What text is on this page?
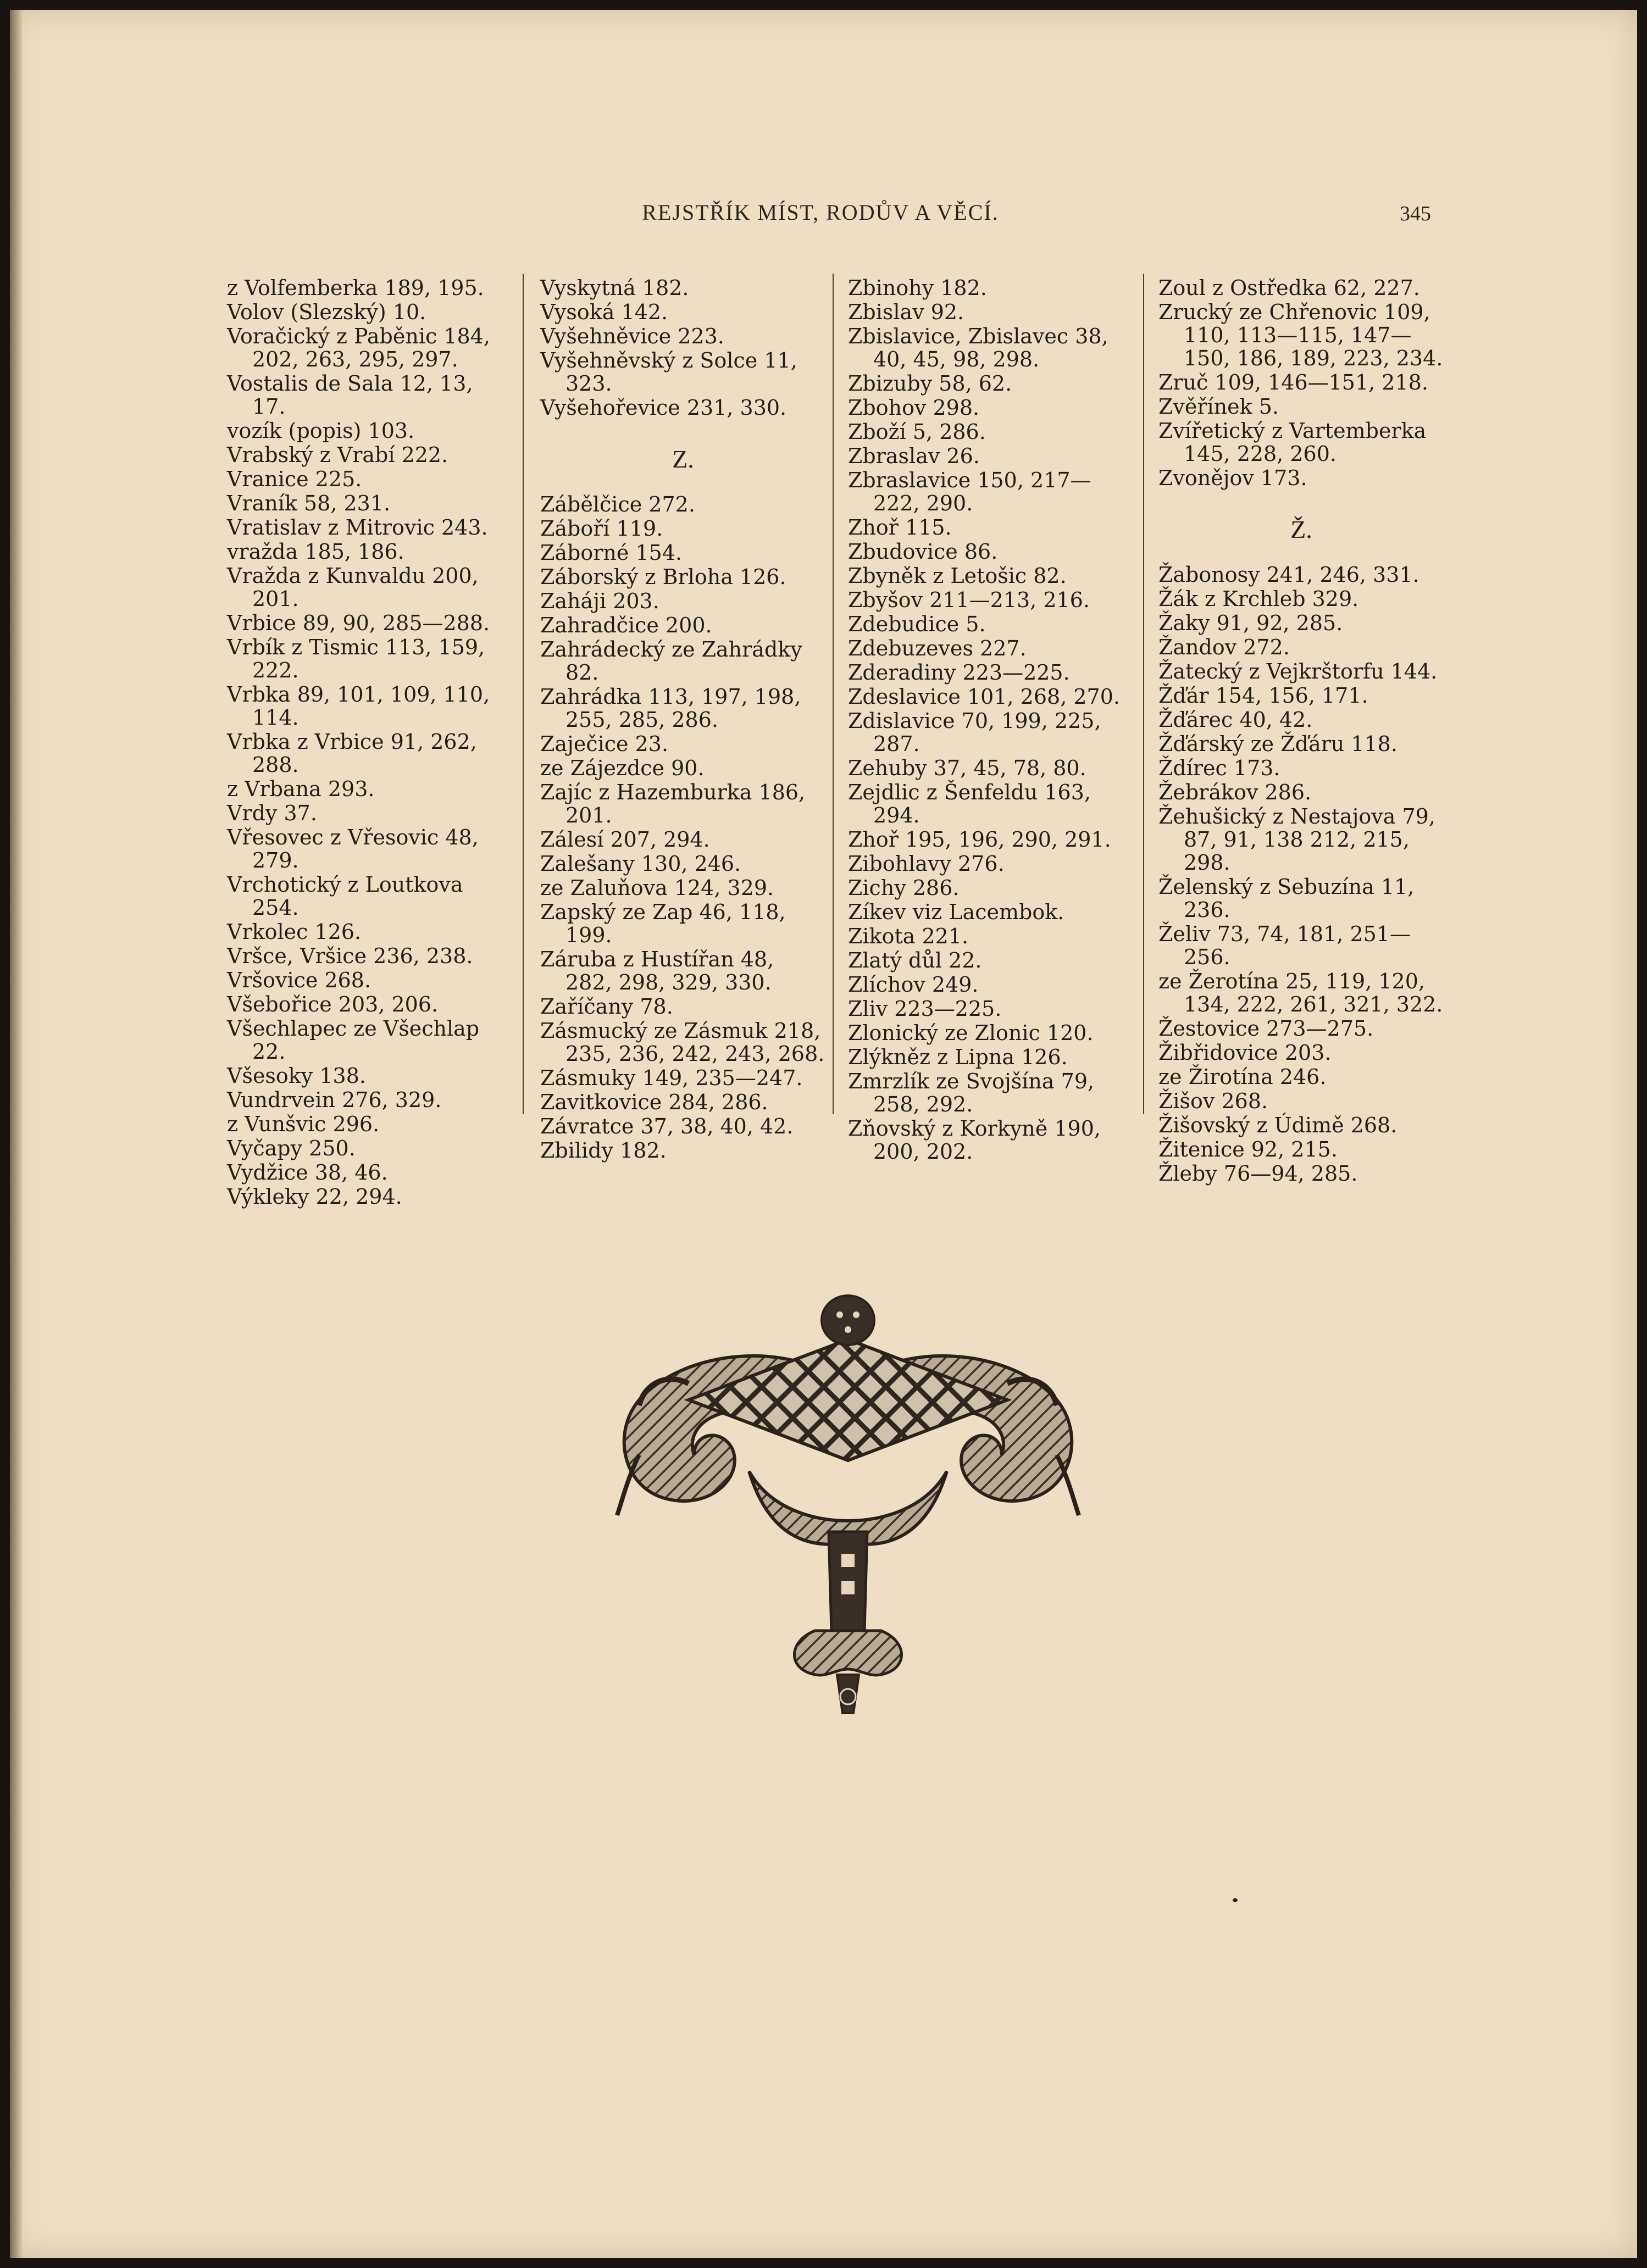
REJSTŘÍK MÍST, RODŮV A VĚCÍ.	345
z Volfemberka 189, 195.
Volov (Slezský) 10.
Voračický z Paběnic 184, 202, 263, 295, 297.
Vostalis de Sala 12, 13, 17.
vozík (popis) 103.
Vrabský z Vrabí 222.
Vranice 225.
Vraník 58, 231.
Vratislav z Mitrovic 243.
vražda 185, 186.
Vražda z Kunvaldu 200, 201.
Vrbice 89, 90, 285—288.
Vrbík z Tismic 113, 159, 222.
Vrbka 89, 101, 109, 110, 114.
Vrbka z Vrbice 91, 262, 288.
z Vrbana 293.
Vrdy 37.
Vřesovec z Vřesovic 48, 279.
Vrchotický z Loutkova 254.
Vrkolec 126.
Vršce, Vršice 236, 238.
Vršovice 268.
Všebořice 203, 206.
Všechlapec ze Všechlap 22.
Všesoky 138.
Vundrvein 276, 329.
z Vunšvic 296.
Vyčapy 250.
Vydžice 38, 46.
Výkleky 22, 294.
Vyskytná 182.
Vysoká 142.
Vyšehněvice 223.
Vyšehněvský z Solce 11, 323.
Vyšehořevice 231, 330.
Z.
Zábělčice 272.
Záboří 119.
Záborné 154.
Záborský z Brloha 126.
Zaháji 203.
Zahradčice 200.
Zahrádecký ze Zahrádky 82.
Zahrádka 113, 197, 198, 255, 285, 286.
Zaječice 23.
ze Zájezdce 90.
Zajíc z Hazemburka 186, 201.
Zálesí 207, 294.
Zalešany 130, 246.
ze Zaluňova 124, 329.
Zapský ze Zap 46, 118, 199.
Záruba z Hustířan 48, 282, 298, 329, 330.
Zaříčany 78.
Zásmucký ze Zásmuk 218, 235, 236, 242, 243, 268.
Zásmuky 149, 235—247.
Zavitkovice 284, 286.
Závratce 37, 38, 40, 42.
Zbilidy 182.
Zbinohy 182.
Zbislav 92.
Zbislavice, Zbislavec 38, 40, 45, 98, 298.
Zbizuby 58, 62.
Zbohov 298.
Zboží 5, 286.
Zbraslav 26.
Zbraslavice 150, 217—222, 290.
Zhoř 115.
Zbudovice 86.
Zbyněk z Letošic 82.
Zbyšov 211—213, 216.
Zdebudice 5.
Zdebuzeves 227.
Zderadiny 223—225.
Zdeslavice 101, 268, 270.
Zdislavice 70, 199, 225, 287.
Zehuby 37, 45, 78, 80.
Zejdlic z Šenfeldu 163, 294.
Zhoř 195, 196, 290, 291.
Zibohlavy 276.
Zichy 286.
Zíkev viz Lacembok.
Zikota 221.
Zlatý důl 22.
Zlíchov 249.
Zliv 223—225.
Zlonický ze Zlonic 120.
Zlýkněz z Lipna 126.
Zmrzlík ze Svojšína 79, 258, 292.
Zňovský z Korkyně 190, 200, 202.
Zoul z Ostředka 62, 227.
Zrucký ze Chřenovic 109, 110, 113—115, 147—150, 186, 189, 223, 234.
Zruč 109, 146—151, 218.
Zvěřínek 5.
Zvířetický z Vartemberka 145, 228, 260.
Zvonějov 173.
Ž.
Žabonosy 241, 246, 331.
Žák z Krchleb 329.
Žaky 91, 92, 285.
Žandov 272.
Žatecký z Vejkrštorfu 144.
Žďár 154, 156, 171.
Žďárec 40, 42.
Žďárský ze Žďáru 118.
Ždírec 173.
Žebrákov 286.
Žehušický z Nestajova 79, 87, 91, 138 212, 215, 298.
Želenský z Sebuzína 11, 236.
Želiv 73, 74, 181, 251—256.
ze Žerotína 25, 119, 120, 134, 222, 261, 321, 322.
Žestovice 273—275.
Žibřidovice 203.
ze Žirotína 246.
Žišov 268.
Žišovský z Údimě 268.
Žitenice 92, 215.
Žleby 76—94, 285.
